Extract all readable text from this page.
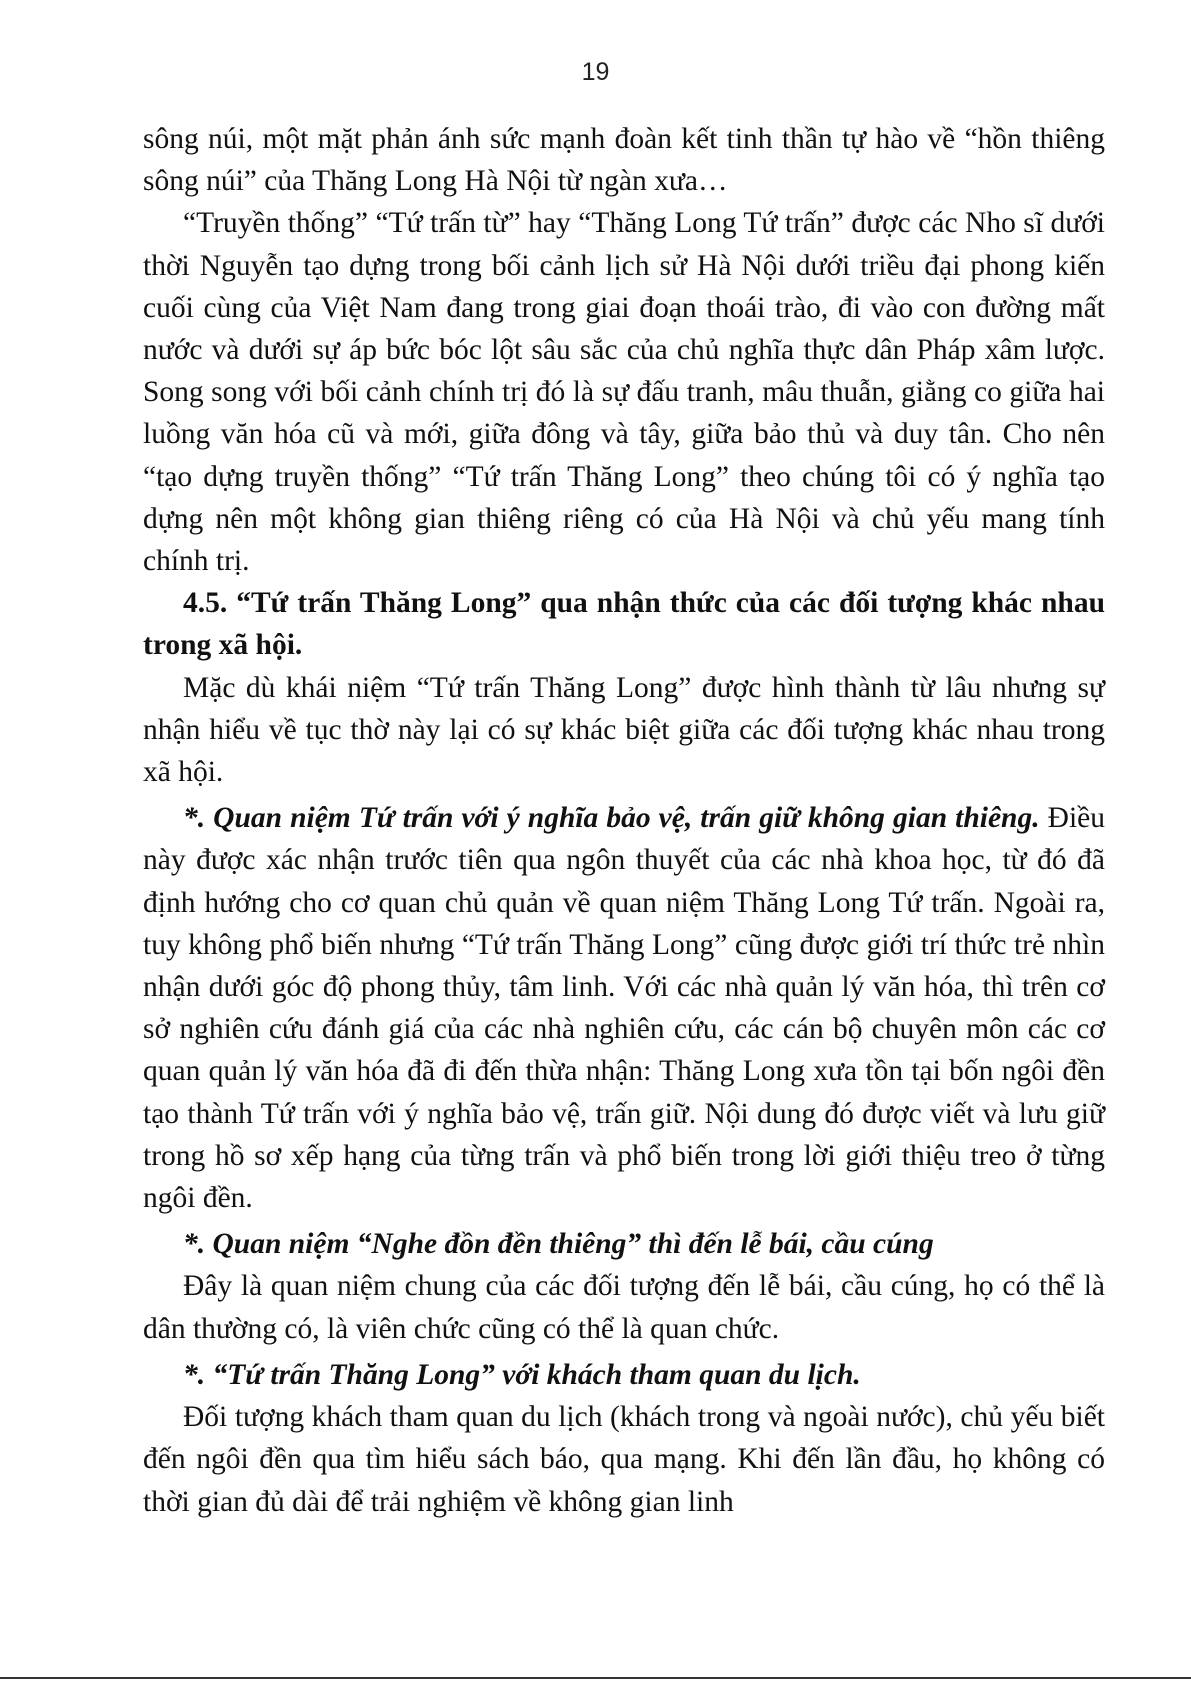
19

sông núi, một mặt phản ánh sức mạnh đoàn kết tinh thần tự hào về “hồn thiêng sông núi” của Thăng Long Hà Nội từ ngàn xưa…

“Truyền thống” “Tứ trấn từ” hay “Thăng Long Tứ trấn” được các Nho sĩ dưới thời Nguyễn tạo dựng trong bối cảnh lịch sử Hà Nội dưới triều đại phong kiến cuối cùng của Việt Nam đang trong giai đoạn thoái trào, đi vào con đường mất nước và dưới sự áp bức bóc lột sâu sắc của chủ nghĩa thực dân Pháp xâm lược. Song song với bối cảnh chính trị đó là sự đấu tranh, mâu thuẫn, giằng co giữa hai luồng văn hóa cũ và mới, giữa đông và tây, giữa bảo thủ và duy tân. Cho nên “tạo dựng truyền thống” “Tứ trấn Thăng Long” theo chúng tôi có ý nghĩa tạo dựng nên một không gian thiêng riêng có của Hà Nội và chủ yếu mang tính chính trị.

4.5. “Tứ trấn Thăng Long” qua nhận thức của các đối tượng khác nhau trong xã hội.

Mặc dù khái niệm “Tứ trấn Thăng Long” được hình thành từ lâu nhưng sự nhận hiểu về tục thờ này lại có sự khác biệt giữa các đối tượng khác nhau trong xã hội.

*. Quan niệm Tứ trấn với ý nghĩa bảo vệ, trấn giữ không gian thiêng. Điều này được xác nhận trước tiên qua ngôn thuyết của các nhà khoa học, từ đó đã định hướng cho cơ quan chủ quản về quan niệm Thăng Long Tứ trấn. Ngoài ra, tuy không phổ biến nhưng “Tứ trấn Thăng Long” cũng được giới trí thức trẻ nhìn nhận dưới góc độ phong thủy, tâm linh. Với các nhà quản lý văn hóa, thì trên cơ sở nghiên cứu đánh giá của các nhà nghiên cứu, các cán bộ chuyên môn các cơ quan quản lý văn hóa đã đi đến thừa nhận: Thăng Long xưa tồn tại bốn ngôi đền tạo thành Tứ trấn với ý nghĩa bảo vệ, trấn giữ. Nội dung đó được viết và lưu giữ trong hồ sơ xếp hạng của từng trấn và phổ biến trong lời giới thiệu treo ở từng ngôi đền.

*. Quan niệm “Nghe đồn đền thiêng” thì đến lễ bái, cầu cúng

Đây là quan niệm chung của các đối tượng đến lễ bái, cầu cúng, họ có thể là dân thường có, là viên chức cũng có thể là quan chức.

*. “Tứ trấn Thăng Long” với khách tham quan du lịch.

Đối tượng khách tham quan du lịch (khách trong và ngoài nước), chủ yếu biết đến ngôi đền qua tìm hiểu sách báo, qua mạng. Khi đến lần đầu, họ không có thời gian đủ dài để trải nghiệm về không gian linh
